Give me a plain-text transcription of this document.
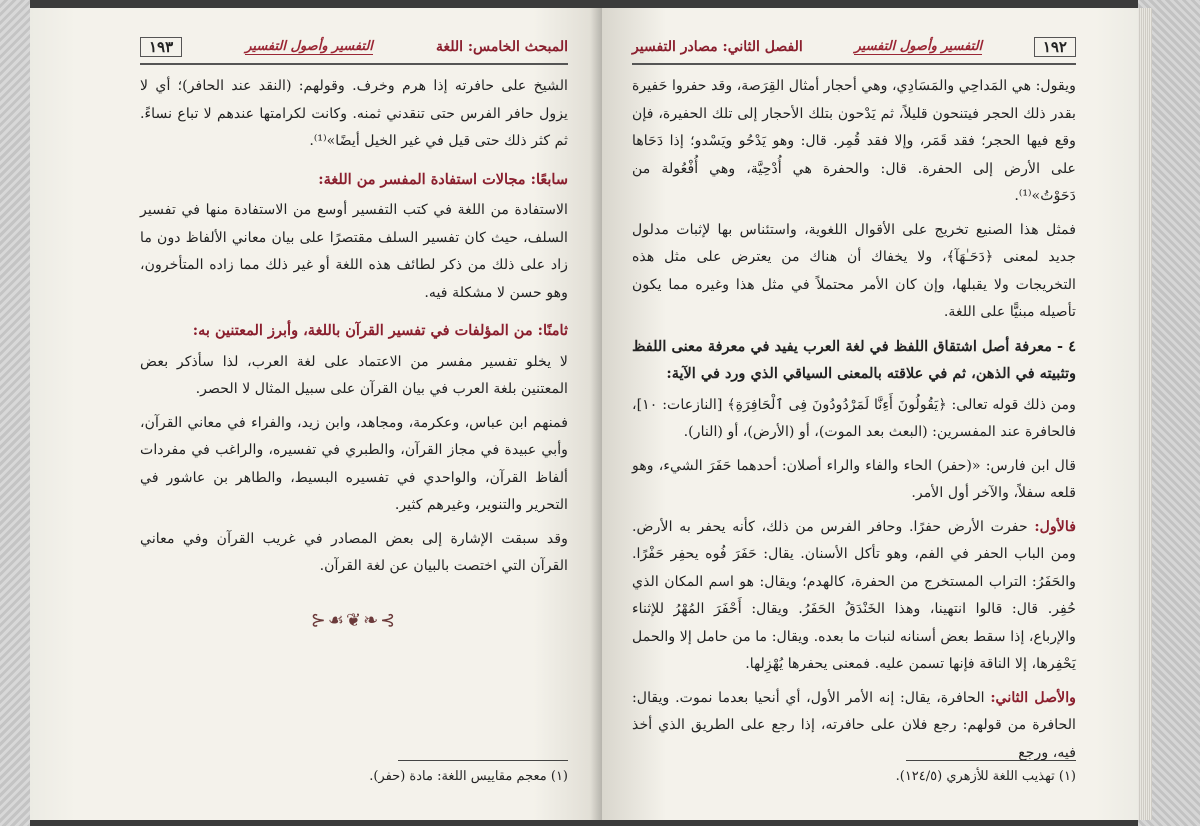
١٩٣	التفسير وأصول التفسير	المبحث الخامس: اللغة

الشيخ على حافرته إذا هرم وخرف. وقولهم: (النقد عند الحافر)؛ أي لا يزول حافر الفرس حتى تنقدني ثمنه. وكانت لكرامتها عندهم لا تباع نساءً. ثم كثر ذلك حتى قيل في غير الخيل أيضًا»⁽¹⁾.

سابعًا: مجالات استفادة المفسر من اللغة:

الاستفادة من اللغة في كتب التفسير أوسع من الاستفادة منها في تفسير السلف، حيث كان تفسير السلف مقتصرًا على بيان معاني الألفاظ دون ما زاد على ذلك من ذكر لطائف هذه اللغة أو غير ذلك مما زاده المتأخرون، وهو حسن لا مشكلة فيه.

ثامنًا: من المؤلفات في تفسير القرآن باللغة، وأبرز المعتنين به:

لا يخلو تفسير مفسر من الاعتماد على لغة العرب، لذا سأذكر بعض المعتنين بلغة العرب في بيان القرآن على سبيل المثال لا الحصر.

فمنهم ابن عباس، وعكرمة، ومجاهد، وابن زيد، والفراء في معاني القرآن، وأبي عبيدة في مجاز القرآن، والطبري في تفسيره، والراغب في مفردات ألفاظ القرآن، والواحدي في تفسيره البسيط، والطاهر بن عاشور في التحرير والتنوير، وغيرهم كثير.

وقد سبقت الإشارة إلى بعض المصادر في غريب القرآن وفي معاني القرآن التي اختصت بالبيان عن لغة القرآن.

⊱❧❦☙⊰
(١) معجم مقاييس اللغة: مادة (حفر).
الفصل الثاني: مصادر التفسير	التفسير وأصول التفسير	١٩٢

ويقول: هي المَداحِي والمَسَادِي، وهي أحجار أمثال القِرَصة، وقد حفروا حَفيرة بقدر ذلك الحجر فيتنحون قليلاً، ثم يَدْحون بتلك الأحجار إلى تلك الحفيرة، فإن وقع فيها الحجر؛ فقد قَمَر، وإلا فقد قُمِر. قال: وهو يَدْحُو ويَسْدو؛ إذا دَحَاها على الأرض إلى الحفرة. قال: والحفرة هي أُدْحِيَّة، وهي أُفْعُولة من دَحَوْتُ»⁽¹⁾.

فمثل هذا الصنيع تخريج على الأقوال اللغوية، واستئناس بها لإثبات مدلول جديد لمعنى ﴿دَحَـٰهَآ﴾، ولا يخفاك أن هناك من يعترض على مثل هذه التخريجات ولا يقبلها، وإن كان الأمر محتملاً في مثل هذا وغيره مما يكون تأصيله مبنيًّا على اللغة.

٤ - معرفة أصل اشتقاق اللفظ في لغة العرب يفيد في معرفة معنى اللفظ وتثبيته في الذهن، ثم في علاقته بالمعنى السياقي الذي ورد في الآية:

ومن ذلك قوله تعالى: ﴿يَقُولُونَ أَءِنَّا لَمَرْدُودُونَ فِى ٱلْحَافِرَةِ﴾ [النازعات: ١٠]، فالحافرة عند المفسرين: (البعث بعد الموت)، أو (الأرض)، أو (النار).

قال ابن فارس: «(حفر) الحاء والفاء والراء أصلان: أحدهما حَفَرَ الشيء، وهو قلعه سفلاً، والآخر أول الأمر.

فالأول: حفرت الأرض حفرًا. وحافر الفرس من ذلك، كأنه يحفر به الأرض. ومن الباب الحفر في الفم، وهو تأكل الأسنان. يقال: حَفَرَ فُوه يحفِر حَفْرًا. والحَفَرُ: التراب المستخرج من الحفرة، كالهدم؛ ويقال: هو اسم المكان الذي حُفِر. قال: قالوا انتهينا، وهذا الخَنْدَقُ الحَفَرُ. ويقال: أَحْفَرَ المُهْرُ للإثناء والإرباع، إذا سقط بعض أسنانه لنبات ما بعده. ويقال: ما من حامل إلا والحمل يَحْفِرها، إلا الناقة فإنها تسمن عليه. فمعنى يحفرها يُهْزِلها.

والأصل الثاني: الحافرة، يقال: إنه الأمر الأول، أي أنحيا بعدما نموت. ويقال: الحافرة من قولهم: رجع فلان على حافرته، إذا رجع على الطريق الذي أخذ فيه، ورجع

(١) تهذيب اللغة للأزهري (١٢٤/٥).
